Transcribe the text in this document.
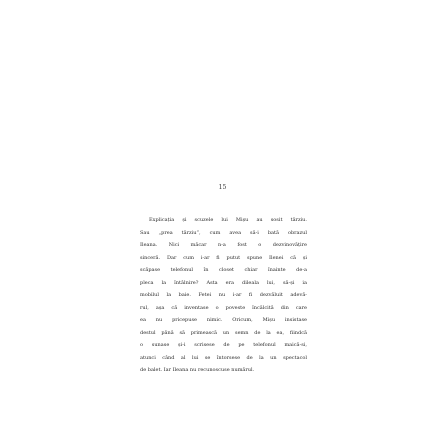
15
Explicația și scuzele lui Mișu au sosit târziu.
Sau „prea târziu”, cum avea să-i bată obrazul
Ileana. Nici măcar n-a fost o dezvinovățire
sinceră. Dar cum i-ar fi putut spune Ilenei că și
scăpase telefonul în closet chiar înainte de-a
pleca la întâlnire? Asta era dileala lui, să-și ia
mobilul la baie. Fetei nu i-ar fi dezvăluit adevă-
rul, așa că inventase o poveste încâlcită din care
ea nu pricepuse nimic. Oricum, Mișu insistase
destul până să primească un semn de la ea, fiindcă
o sunase și-i scrisese de pe telefonul maică-si,
atunci când al lui se întorsese de la un spectacol
de balet. Iar Ileana nu recunoscuse numărul.
